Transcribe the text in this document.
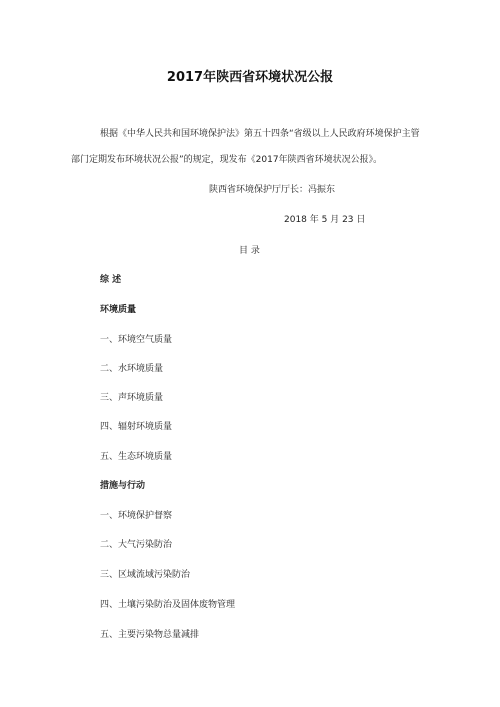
2017年陕西省环境状况公报
根据《中华人民共和国环境保护法》第五十四条“省级以上人民政府环境保护主管
部门定期发布环境状况公报”的规定，现发布《2017年陕西省环境状况公报》。
陕西省环境保护厅厅长：冯振东
2018 年 5 月 23 日
目 录
综 述
环境质量
一、环境空气质量
二、水环境质量
三、声环境质量
四、辐射环境质量
五、生态环境质量
措施与行动
一、环境保护督察
二、大气污染防治
三、区域流域污染防治
四、土壤污染防治及固体废物管理
五、主要污染物总量减排
